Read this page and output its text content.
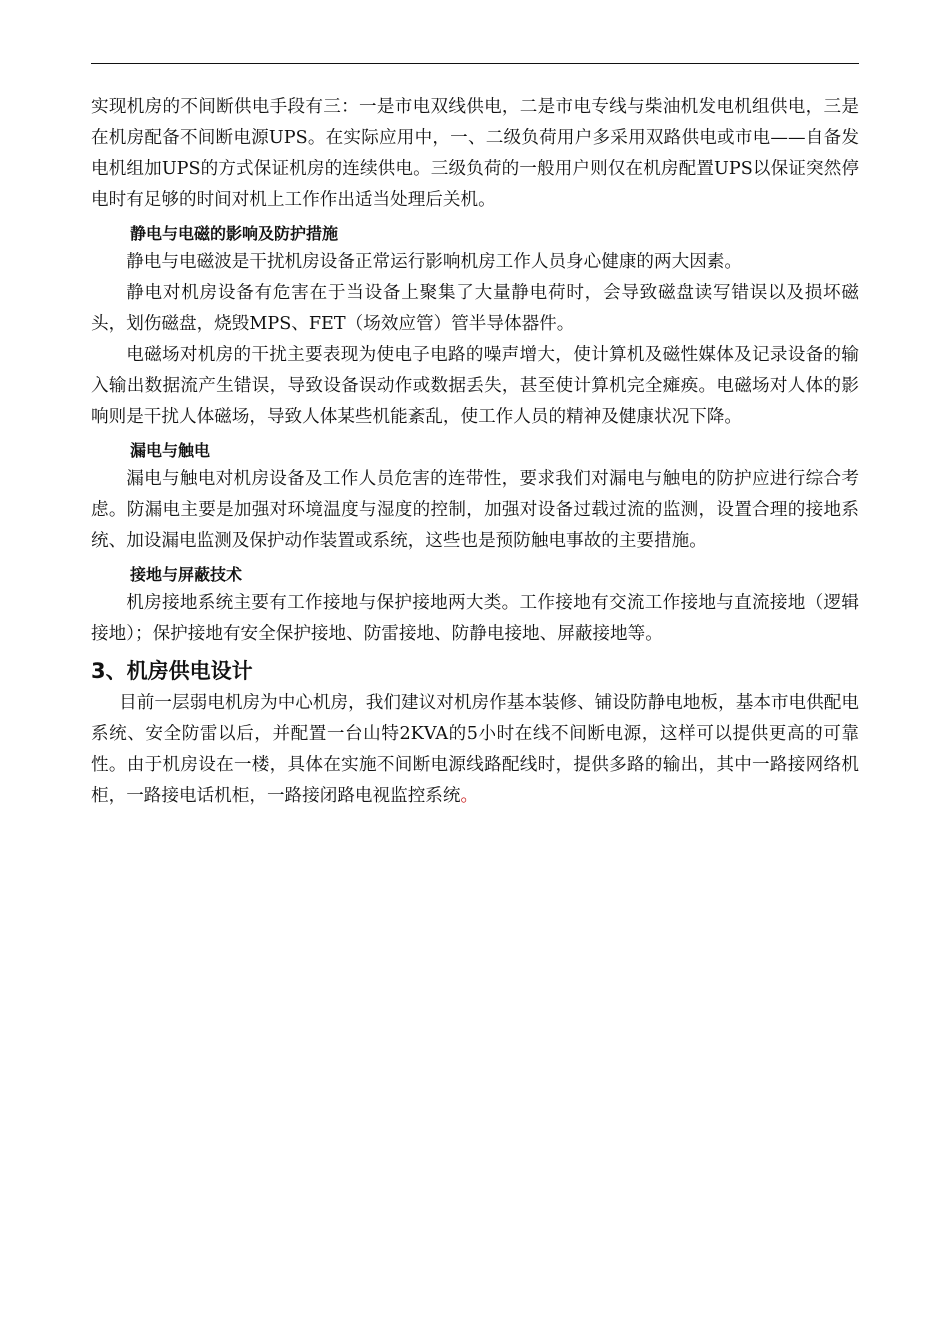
实现机房的不间断供电手段有三：一是市电双线供电，二是市电专线与柴油机发电机组供电，三是在机房配备不间断电源UPS。在实际应用中，一、二级负荷用户多采用双路供电或市电——自备发电机组加UPS的方式保证机房的连续供电。三级负荷的一般用户则仅在机房配置UPS以保证突然停电时有足够的时间对机上工作作出适当处理后关机。

静电与电磁的影响及防护措施

静电与电磁波是干扰机房设备正常运行影响机房工作人员身心健康的两大因素。

静电对机房设备有危害在于当设备上聚集了大量静电荷时，会导致磁盘读写错误以及损坏磁头，划伤磁盘，烧毁MPS、FET（场效应管）管半导体器件。

电磁场对机房的干扰主要表现为使电子电路的噪声增大，使计算机及磁性媒体及记录设备的输入输出数据流产生错误，导致设备误动作或数据丢失，甚至使计算机完全瘫痪。电磁场对人体的影响则是干扰人体磁场，导致人体某些机能紊乱，使工作人员的精神及健康状况下降。

漏电与触电

漏电与触电对机房设备及工作人员危害的连带性，要求我们对漏电与触电的防护应进行综合考虑。防漏电主要是加强对环境温度与湿度的控制，加强对设备过载过流的监测，设置合理的接地系统、加设漏电监测及保护动作装置或系统，这些也是预防触电事故的主要措施。

接地与屏蔽技术

机房接地系统主要有工作接地与保护接地两大类。工作接地有交流工作接地与直流接地（逻辑接地）；保护接地有安全保护接地、防雷接地、防静电接地、屏蔽接地等。

3、机房供电设计

目前一层弱电机房为中心机房，我们建议对机房作基本装修、铺设防静电地板，基本市电供配电系统、安全防雷以后，并配置一台山特2KVA的5小时在线不间断电源，这样可以提供更高的可靠性。由于机房设在一楼，具体在实施不间断电源线路配线时，提供多路的输出，其中一路接网络机柜，一路接电话机柜，一路接闭路电视监控系统。
